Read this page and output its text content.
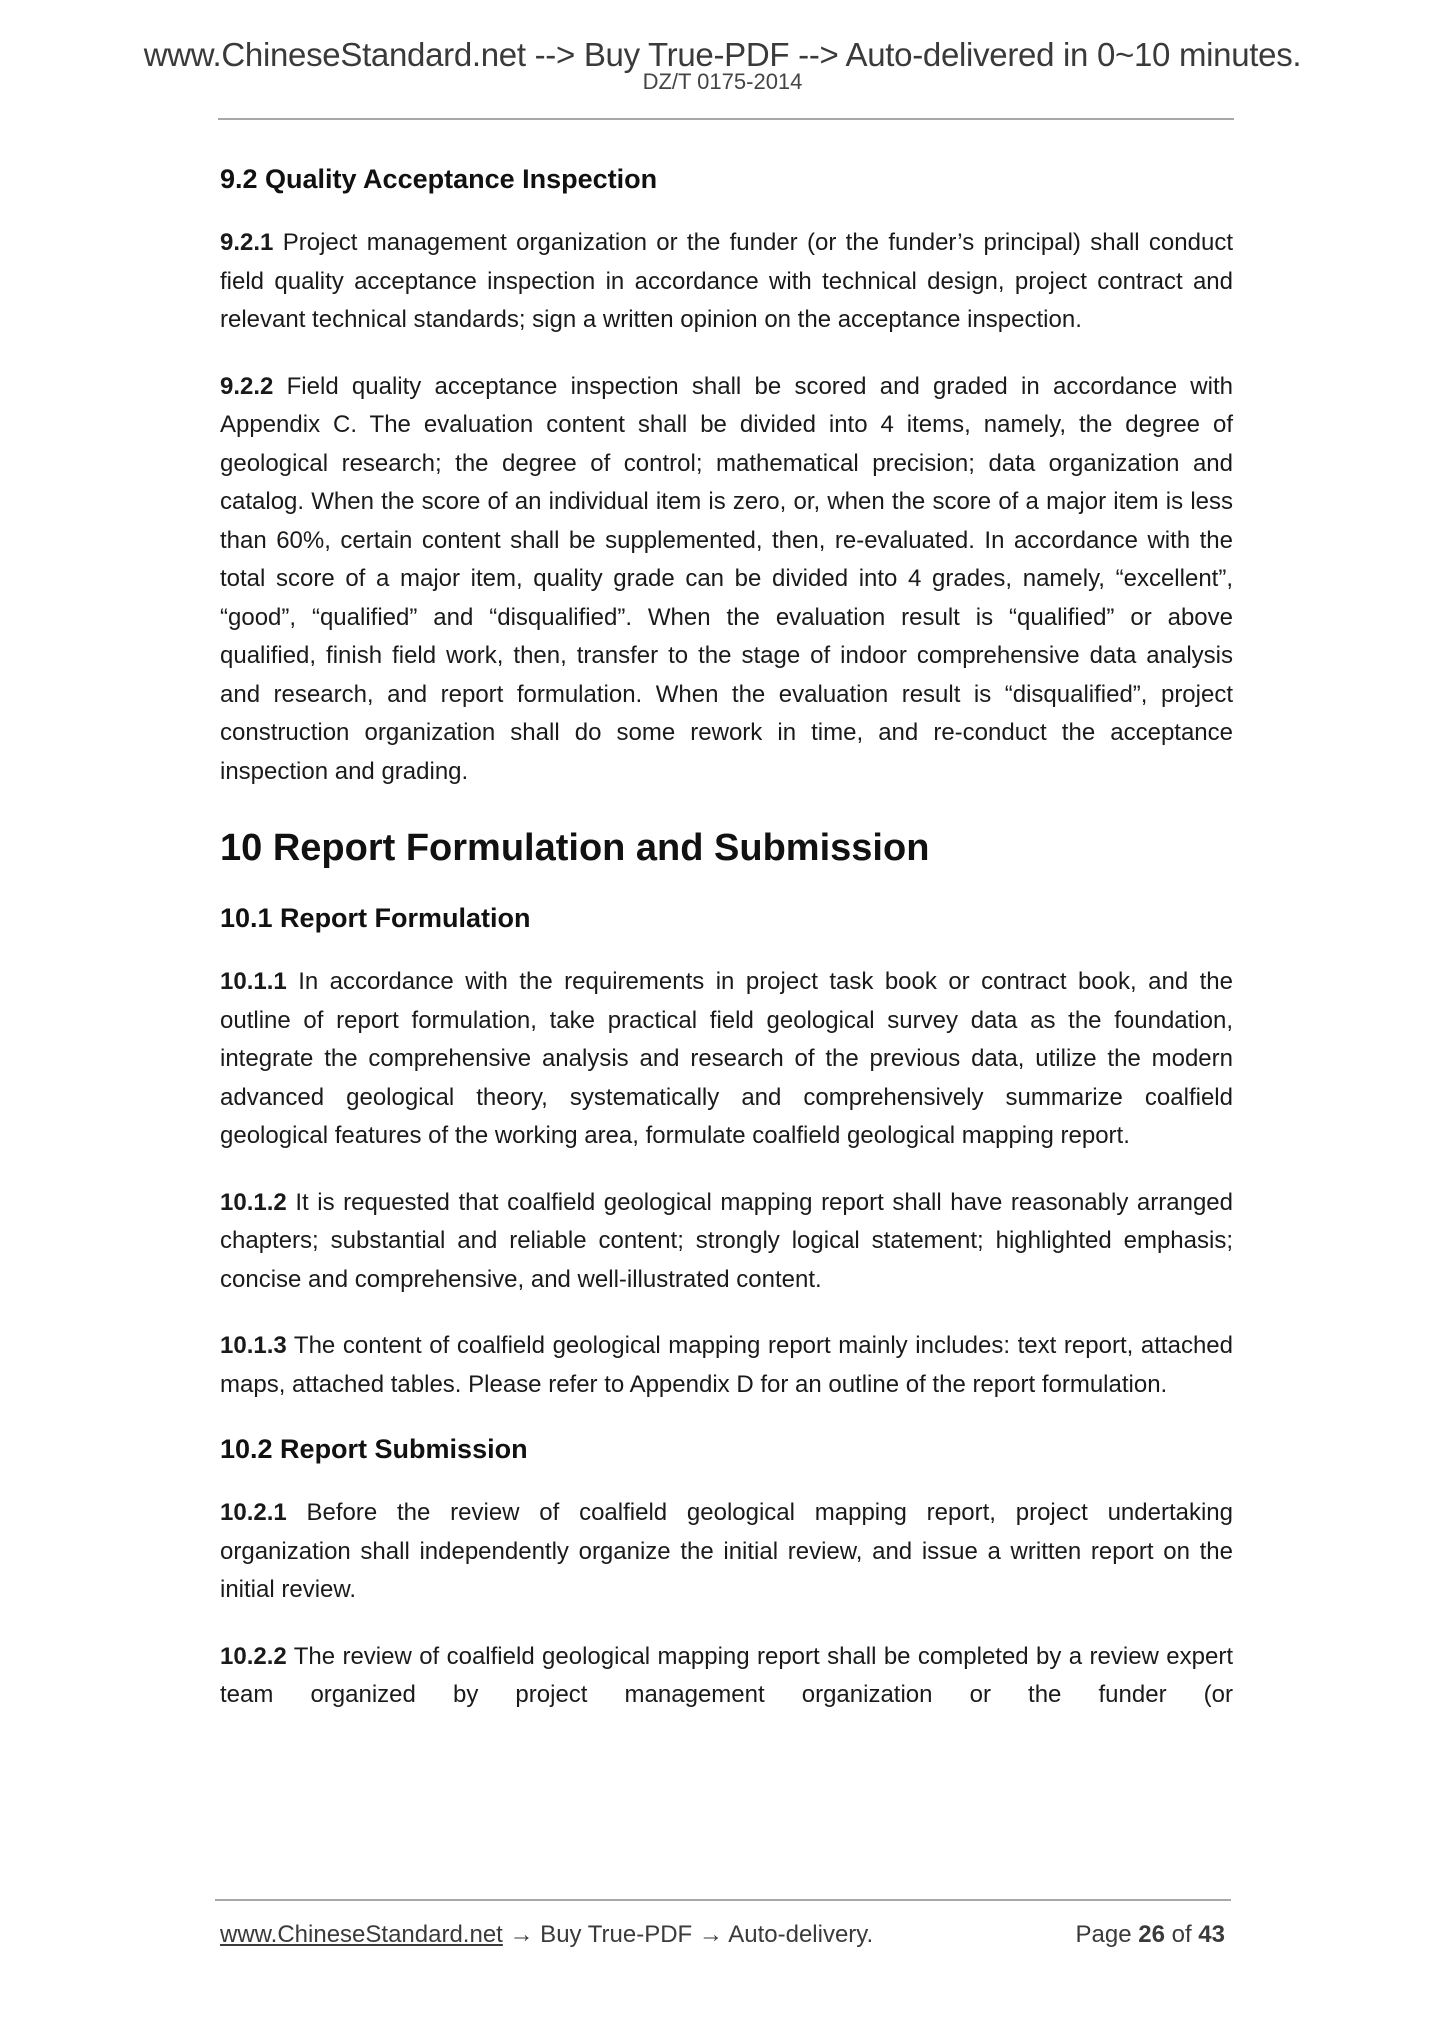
www.ChineseStandard.net --> Buy True-PDF --> Auto-delivered in 0~10 minutes.
DZ/T 0175-2014
9.2 Quality Acceptance Inspection

9.2.1 Project management organization or the funder (or the funder’s principal) shall conduct field quality acceptance inspection in accordance with technical design, project contract and relevant technical standards; sign a written opinion on the acceptance inspection.

9.2.2 Field quality acceptance inspection shall be scored and graded in accordance with Appendix C. The evaluation content shall be divided into 4 items, namely, the degree of geological research; the degree of control; mathematical precision; data organization and catalog. When the score of an individual item is zero, or, when the score of a major item is less than 60%, certain content shall be supplemented, then, re-evaluated. In accordance with the total score of a major item, quality grade can be divided into 4 grades, namely, “excellent”, “good”, “qualified” and “disqualified”. When the evaluation result is “qualified” or above qualified, finish field work, then, transfer to the stage of indoor comprehensive data analysis and research, and report formulation. When the evaluation result is “disqualified”, project construction organization shall do some rework in time, and re-conduct the acceptance inspection and grading.

10 Report Formulation and Submission
10.1 Report Formulation

10.1.1 In accordance with the requirements in project task book or contract book, and the outline of report formulation, take practical field geological survey data as the foundation, integrate the comprehensive analysis and research of the previous data, utilize the modern advanced geological theory, systematically and comprehensively summarize coalfield geological features of the working area, formulate coalfield geological mapping report.

10.1.2 It is requested that coalfield geological mapping report shall have reasonably arranged chapters; substantial and reliable content; strongly logical statement; highlighted emphasis; concise and comprehensive, and well-illustrated content.

10.1.3 The content of coalfield geological mapping report mainly includes: text report, attached maps, attached tables. Please refer to Appendix D for an outline of the report formulation.

10.2 Report Submission

10.2.1 Before the review of coalfield geological mapping report, project undertaking organization shall independently organize the initial review, and issue a written report on the initial review.

10.2.2 The review of coalfield geological mapping report shall be completed by a review expert team organized by project management organization or the funder (or

www.ChineseStandard.net → Buy True-PDF → Auto-delivery.	Page 26 of 43
